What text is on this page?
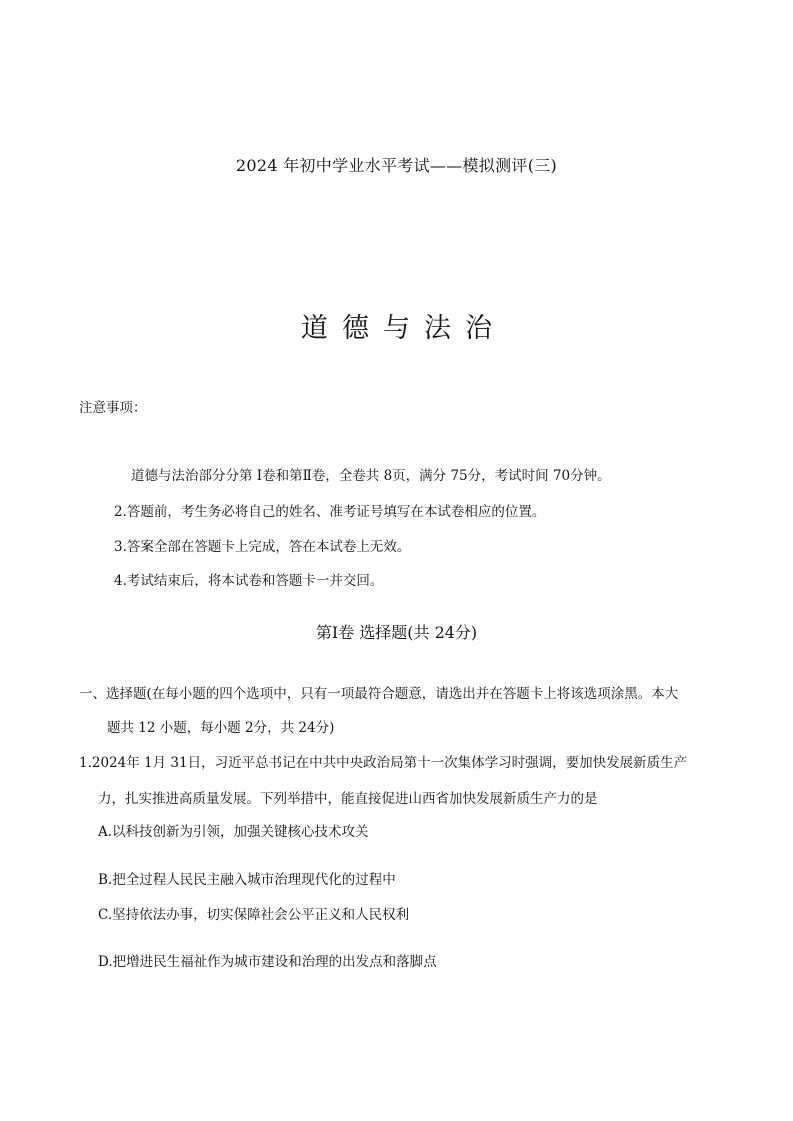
2024 年初中学业水平考试——模拟测评(三)
道德与法治
注意事项：
道德与法治部分分第 I卷和第Ⅱ卷，全卷共 8页，满分 75分，考试时间 70分钟。
2.答题前，考生务必将自己的姓名、准考证号填写在本试卷相应的位置。
3.答案全部在答题卡上完成，答在本试卷上无效。
4.考试结束后，将本试卷和答题卡一并交回。
第Ⅰ卷 选择题(共 24分)
一、选择题(在每小题的四个选项中，只有一项最符合题意，请选出并在答题卡上将该选项涂黑。本大
题共 12 小题，每小题 2分，共 24分)
1.2024年 1月 31日，习近平总书记在中共中央政治局第十一次集体学习时强调，要加快发展新质生产
力，扎实推进高质量发展。下列举措中，能直接促进山西省加快发展新质生产力的是
A.以科技创新为引领，加强关键核心技术攻关
B.把全过程人民民主融入城市治理现代化的过程中
C.坚持依法办事，切实保障社会公平正义和人民权利
D.把增进民生福祉作为城市建设和治理的出发点和落脚点
